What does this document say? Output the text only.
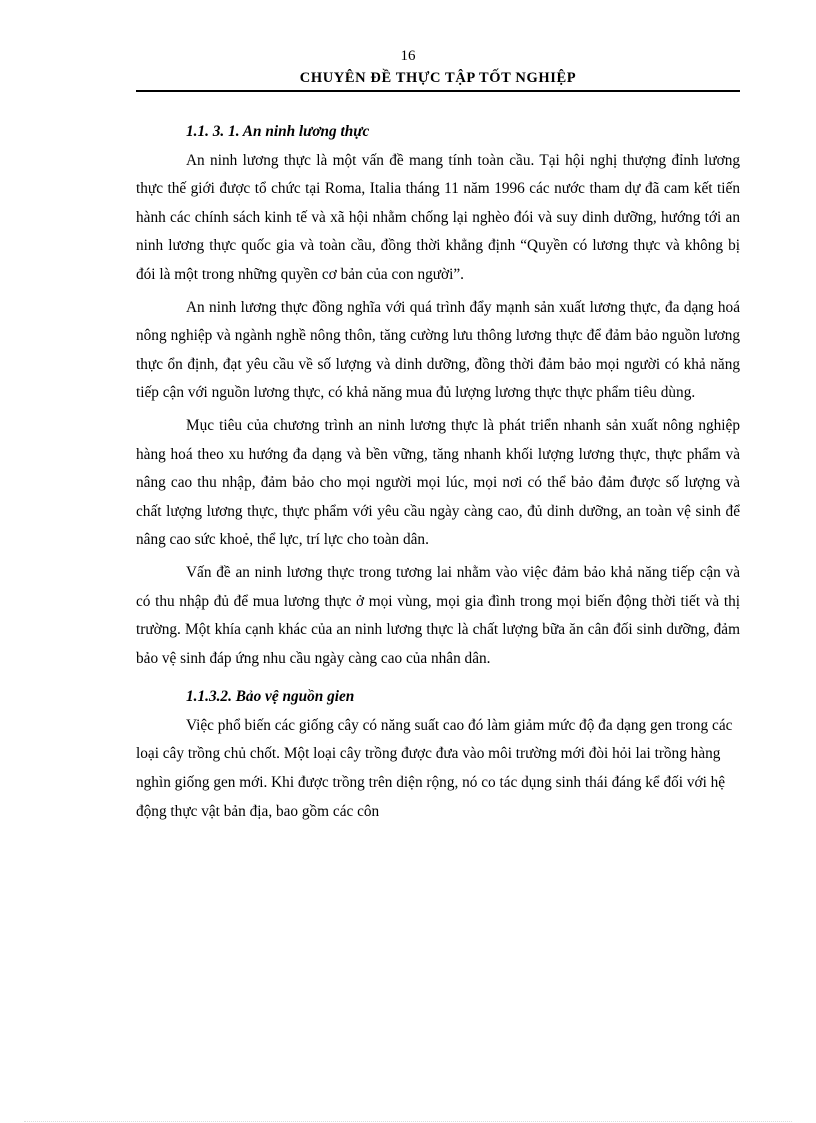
16
CHUYÊN ĐỀ THỰC TẬP TỐT NGHIỆP
1.1. 3. 1. An ninh lương thực

An ninh lương thực là một vấn đề mang tính toàn cầu. Tại hội nghị thượng đỉnh lương thực thế giới được tổ chức tại Roma, Italia tháng 11 năm 1996 các nước tham dự đã cam kết tiến hành các chính sách kinh tế và xã hội nhằm chống lại nghèo đói và suy dinh dưỡng, hướng tới an ninh lương thực quốc gia và toàn cầu, đồng thời khẳng định “Quyền có lương thực và không bị đói là một trong những quyền cơ bản của con người”.

An ninh lương thực đồng nghĩa với quá trình đẩy mạnh sản xuất lương thực, đa dạng hoá nông nghiệp và ngành nghề nông thôn, tăng cường lưu thông lương thực để đảm bảo nguồn lương thực ổn định, đạt yêu cầu về số lượng và dinh dưỡng, đồng thời đảm bảo mọi người có khả năng tiếp cận với nguồn lương thực, có khả năng mua đủ lượng lương thực thực phẩm tiêu dùng.

Mục tiêu của chương trình an ninh lương thực là phát triển nhanh sản xuất nông nghiệp hàng hoá theo xu hướng đa dạng và bền vững, tăng nhanh khối lượng lương thực, thực phẩm và nâng cao thu nhập, đảm bảo cho mọi người mọi lúc, mọi nơi có thể bảo đảm được số lượng và chất lượng lương thực, thực phẩm với yêu cầu ngày càng cao, đủ dinh dưỡng, an toàn vệ sinh để nâng cao sức khoẻ, thể lực, trí lực cho toàn dân.

Vấn đề an ninh lương thực trong tương lai nhằm vào việc đảm bảo khả năng tiếp cận và có thu nhập đủ để mua lương thực ở mọi vùng, mọi gia đình trong mọi biến động thời tiết và thị trường. Một khía cạnh khác của an ninh lương thực là chất lượng bữa ăn cân đối sinh dưỡng, đảm bảo vệ sinh đáp ứng nhu cầu ngày càng cao của nhân dân.

1.1.3.2. Bảo vệ nguồn gien

Việc phổ biến các giống cây có năng suất cao đó làm giảm mức độ đa dạng gen trong các loại cây trồng chủ chốt. Một loại cây trồng được đưa vào môi trường mới đòi hỏi lai trồng hàng nghìn giống gen mới. Khi được trồng trên diện rộng, nó co tác dụng sinh thái đáng kể đối với hệ động thực vật bản địa, bao gồm các côn
